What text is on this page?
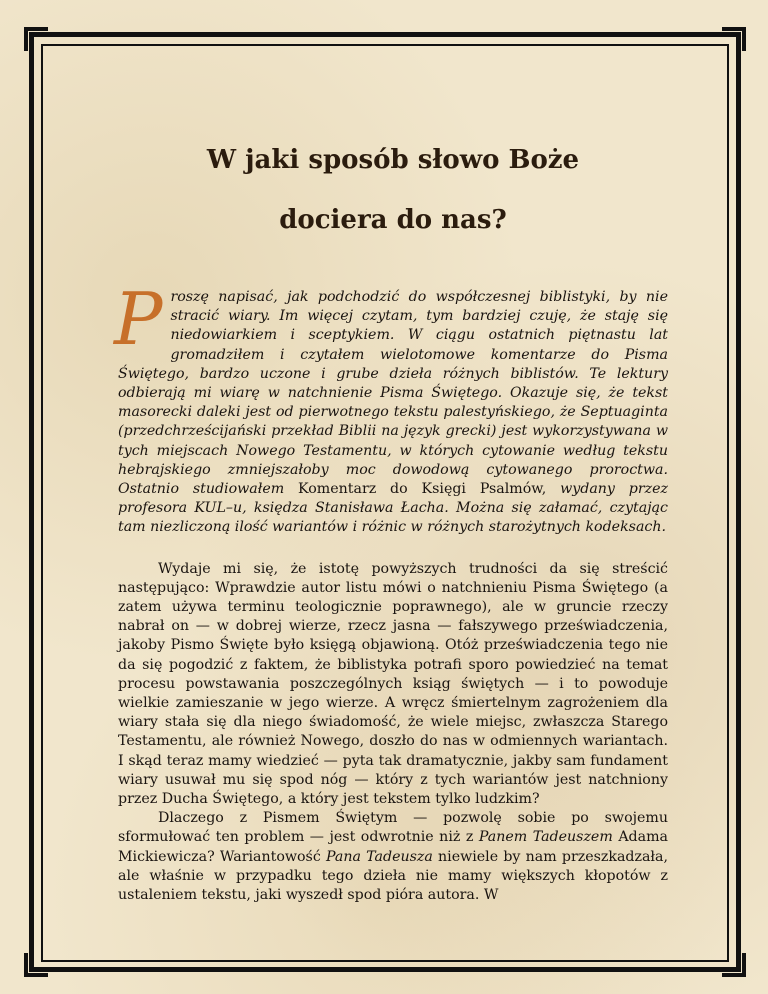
W jaki sposób słowo Boże
dociera do nas?
Proszę napisać, jak podchodzić do współczesnej biblistyki, by nie stracić wiary. Im więcej czytam, tym bardziej czuję, że staję się niedowiarkiem i sceptykiem. W ciągu ostatnich piętnastu lat gromadziłem i czytałem wielotomowe komentarze do Pisma Świętego, bardzo uczone i grube dzieła różnych biblistów. Te lektury odbierają mi wiarę w natchnienie Pisma Świętego. Okazuje się, że tekst masorecki daleki jest od pierwotnego tekstu palestyńskiego, że Septuaginta (przedchrześcijański przekład Biblii na język grecki) jest wykorzystywana w tych miejscach Nowego Testamentu, w których cytowanie według tekstu hebrajskiego zmniejszałoby moc dowodową cytowanego proroctwa. Ostatnio studiowałem Komentarz do Księgi Psalmów, wydany przez profesora KUL–u, księdza Stanisława Łacha. Można się załamać, czytając tam niezliczoną ilość wariantów i różnic w różnych starożytnych kodeksach.

Wydaje mi się, że istotę powyższych trudności da się streścić następująco: Wprawdzie autor listu mówi o natchnieniu Pisma Świętego (a zatem używa terminu teologicznie poprawnego), ale w gruncie rzeczy nabrał on — w dobrej wierze, rzecz jasna — fałszywego przeświadczenia, jakoby Pismo Święte było księgą objawioną. Otóż przeświadczenia tego nie da się pogodzić z faktem, że biblistyka potrafi sporo powiedzieć na temat procesu powstawania poszczególnych ksiąg świętych — i to powoduje wielkie zamieszanie w jego wierze. A wręcz śmiertelnym zagrożeniem dla wiary stała się dla niego świadomość, że wiele miejsc, zwłaszcza Starego Testamentu, ale również Nowego, doszło do nas w odmiennych wariantach. I skąd teraz mamy wiedzieć — pyta tak dramatycznie, jakby sam fundament wiary usuwał mu się spod nóg — który z tych wariantów jest natchniony przez Ducha Świętego, a który jest tekstem tylko ludzkim?

Dlaczego z Pismem Świętym — pozwolę sobie po swojemu sformułować ten problem — jest odwrotnie niż z Panem Tadeuszem Adama Mickiewicza? Wariantowość Pana Tadeusza niewiele by nam przeszkadzała, ale właśnie w przypadku tego dzieła nie mamy większych kłopotów z ustaleniem tekstu, jaki wyszedł spod pióra autora. W
